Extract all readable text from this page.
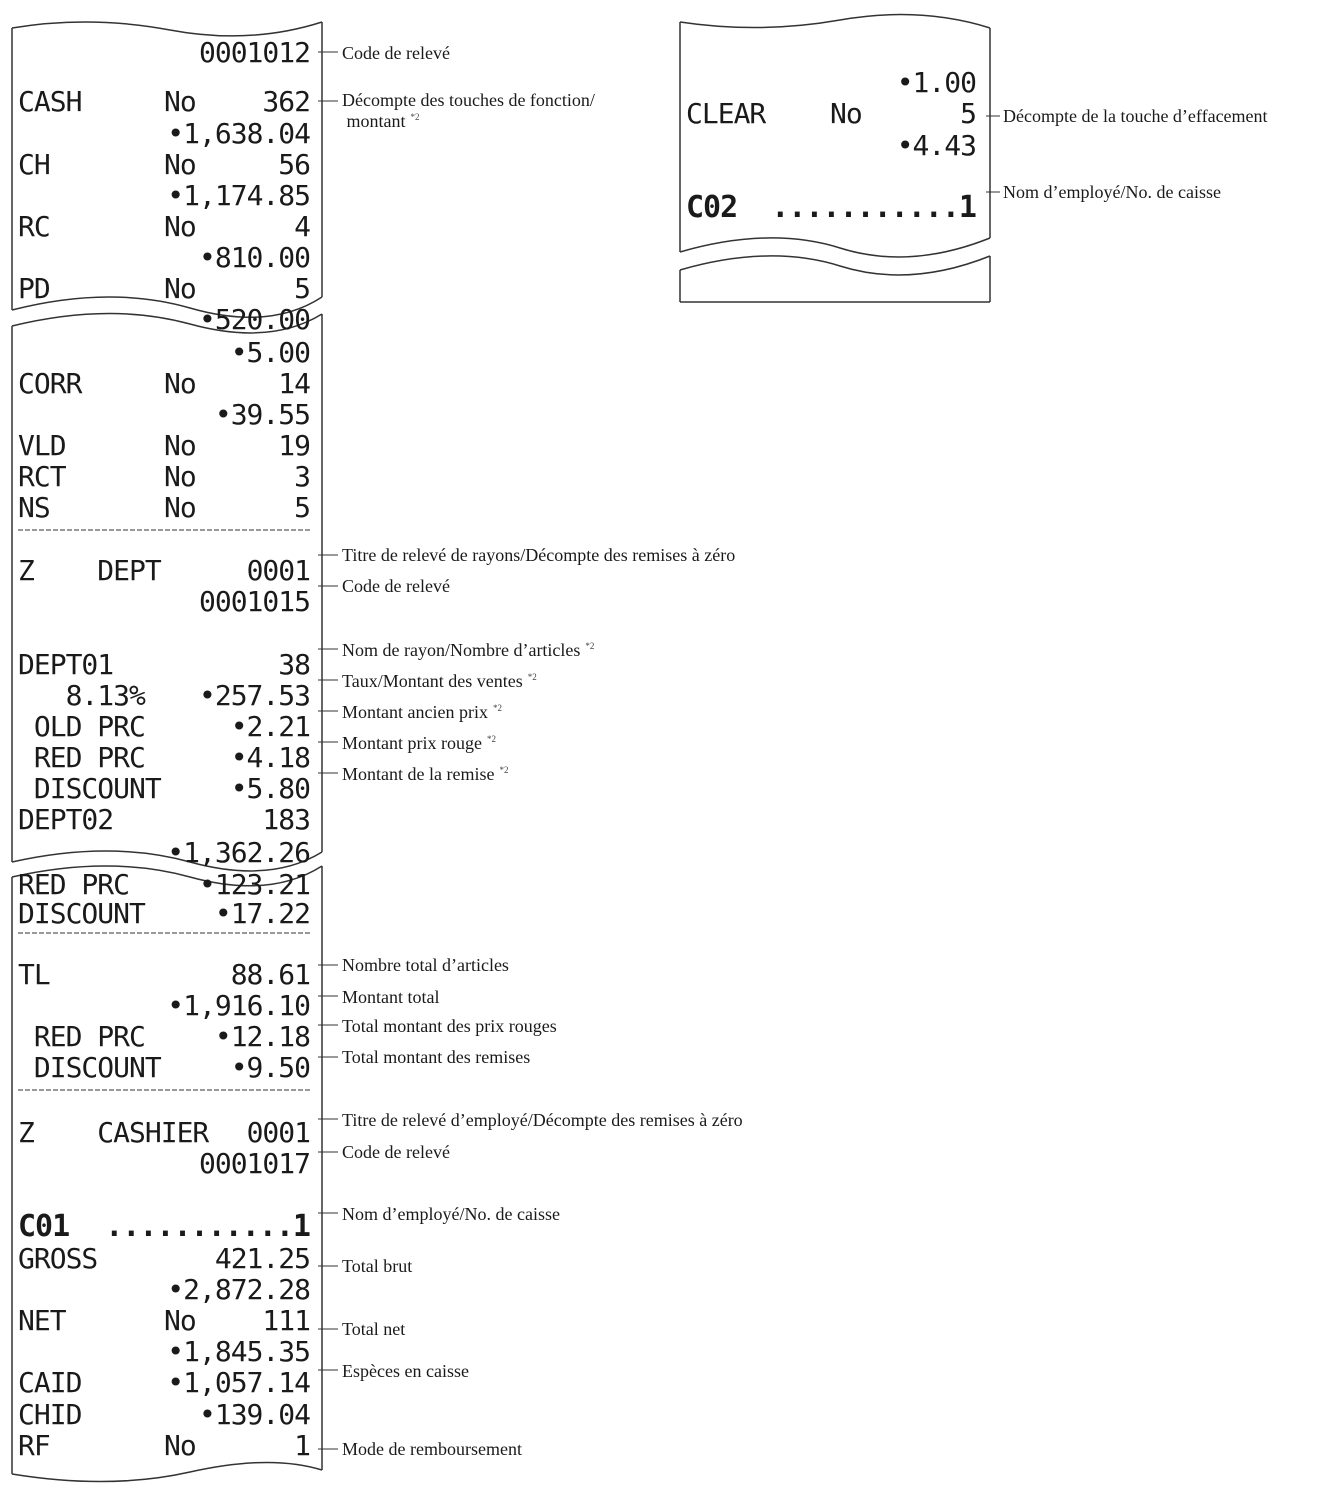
0001012
CASH	No 362
•1,638.04
CH	No	56
•1,174.85
RC	No	4
•810.00
PD	No	5
•520.00
•5.00
CORR	No	14
•39.55
VLD	No	19
RCT	No	3
NS	No	5
Z    DEPT	0001
0001015
DEPT01	38
8.13% •257.53
OLD PRC	•2.21
RED PRC	•4.18
DISCOUNT •5.80
DEPT02	183
•1,362.26
RED PRC •123.21
DISCOUNT •17.22
TL	88.61
•1,916.10
RED PRC •12.18
DISCOUNT •9.50
Z    CASHIER 0001
0001017
C01 ...........1
GROSS	421.25
•2,872.28
NET	No 111
•1,845.35
CAID	•1,057.14
CHID	•139.04
RF	No	1
Code de relevé
Décompte des touches de fonction/
montant $^{*2}$
Titre de relevé de rayons/Décompte des remises à zéro
Code de relevé
Nom de rayon/Nombre d’articles $^{*2}$
Taux/Montant des ventes $^{*2}$
Montant ancien prix $^{*2}$
Montant prix rouge $^{*2}$
Montant de la remise $^{*2}$
Nombre total d’articles
Montant total
Total montant des prix rouges
Total montant des remises
Titre de relevé d’employé/Décompte des remises à zéro
Code de relevé
Nom d’employé/No. de caisse
Total brut
Total net
Espèces en caisse
Mode de remboursement
•1.00
CLEAR No	5
•4.43
C02 ...........1
Décompte de la touche d’effacement
Nom d’employé/No. de caisse
